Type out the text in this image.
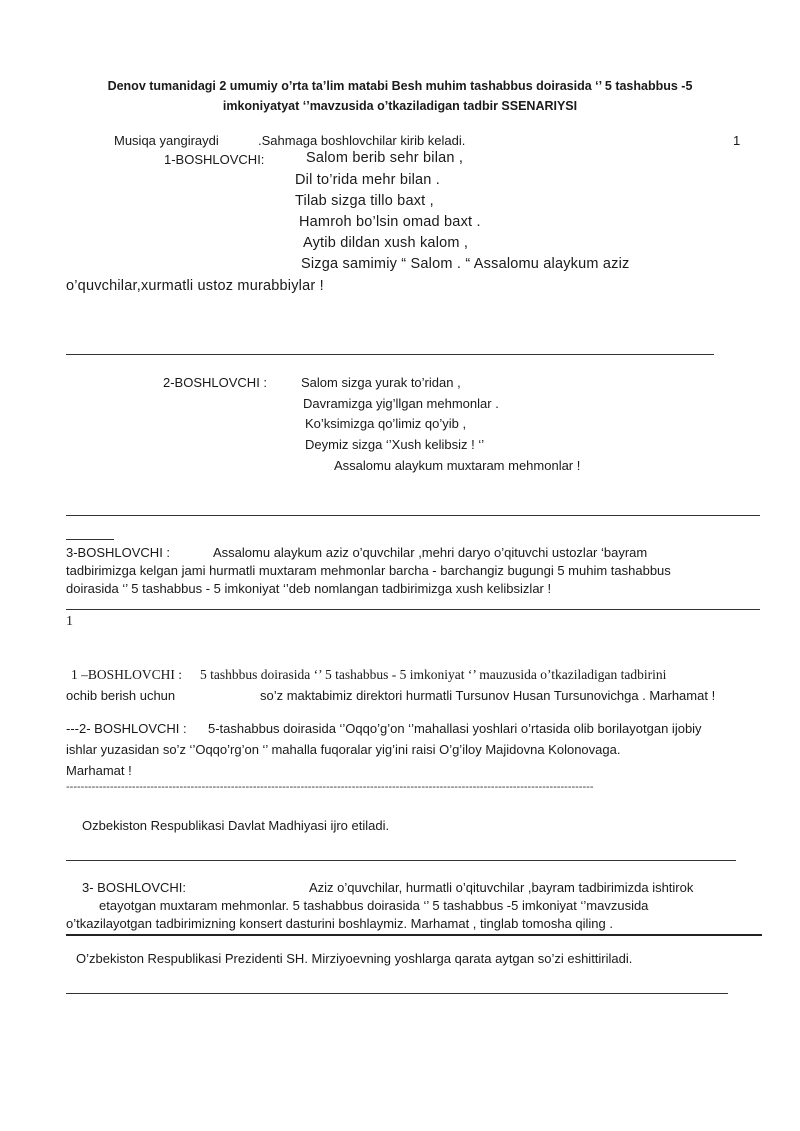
Denov tumanidagi 2 umumiy o’rta ta’lim matabi Besh muhim tashabbus doirasida ‘’ 5 tashabbus -5
imkoniyatyat ‘’mavzusida o’tkaziladigan tadbir SSENARIYSI
Musiqa yangiraydi	.Sahmaga boshlovchilar kirib keladi.	1
1-BOSHLOVCHI:	Salom berib sehr bilan ,
Dil to’rida mehr bilan .
Tilab sizga tillo baxt ,
Hamroh bo’lsin omad baxt .
Aytib dildan xush kalom ,
Sizga samimiy “ Salom . “ Assalomu alaykum aziz
o’quvchilar,xurmatli ustoz murabbiylar !
2-BOSHLOVCHI :	Salom sizga yurak to’ridan ,
Davramizga yig’llgan mehmonlar .
Ko’ksimizga qo’limiz qo’yib ,
Deymiz sizga ‘’Xush kelibsiz ! ‘’
Assalomu alaykum muxtaram mehmonlar !
3-BOSHLOVCHI :	Assalomu alaykum aziz o’quvchilar ,mehri daryo o’qituvchi ustozlar ‘bayram
tadbirimizga kelgan jami hurmatli muxtaram mehmonlar barcha - barchangiz bugungi 5 muhim tashabbus
doirasida ‘’ 5 tashabbus - 5 imkoniyat ‘’deb nomlangan tadbirimizga xush kelibsizlar !
1
1 –BOSHLOVCHI : 5 tashbbus doirasida ‘’ 5 tashabbus - 5 imkoniyat ‘’ mauzusida o’tkaziladigan tadbirini
ochib berish uchun	so’z maktabimiz direktori hurmatli Tursunov Husan Tursunovichga . Marhamat !
---2- BOSHLOVCHI : 5-tashabbus doirasida ‘’Oqqo’g’on ‘’mahallasi yoshlari o’rtasida olib borilayotgan ijobiy
ishlar yuzasidan so’z ‘’Oqqo’rg’on ‘’ mahalla fuqoralar yig’ini raisi O’g’iloy Majidovna Kolonovaga.
Marhamat !
------------------------------------------------------------------------------------------------------------------------------------------------
Ozbekiston Respublikasi Davlat Madhiyasi ijro etiladi.
3- BOSHLOVCHI:	Aziz o’quvchilar, hurmatli o’qituvchilar ,bayram tadbirimizda ishtirok
etayotgan muxtaram mehmonlar. 5 tashabbus doirasida ‘’ 5 tashabbus -5 imkoniyat ‘’mavzusida
o’tkazilayotgan tadbirimizning konsert dasturini boshlaymiz. Marhamat , tinglab tomosha qiling .
O’zbekiston Respublikasi Prezidenti SH. Mirziyoevning yoshlarga qarata aytgan so’zi eshittiriladi.
